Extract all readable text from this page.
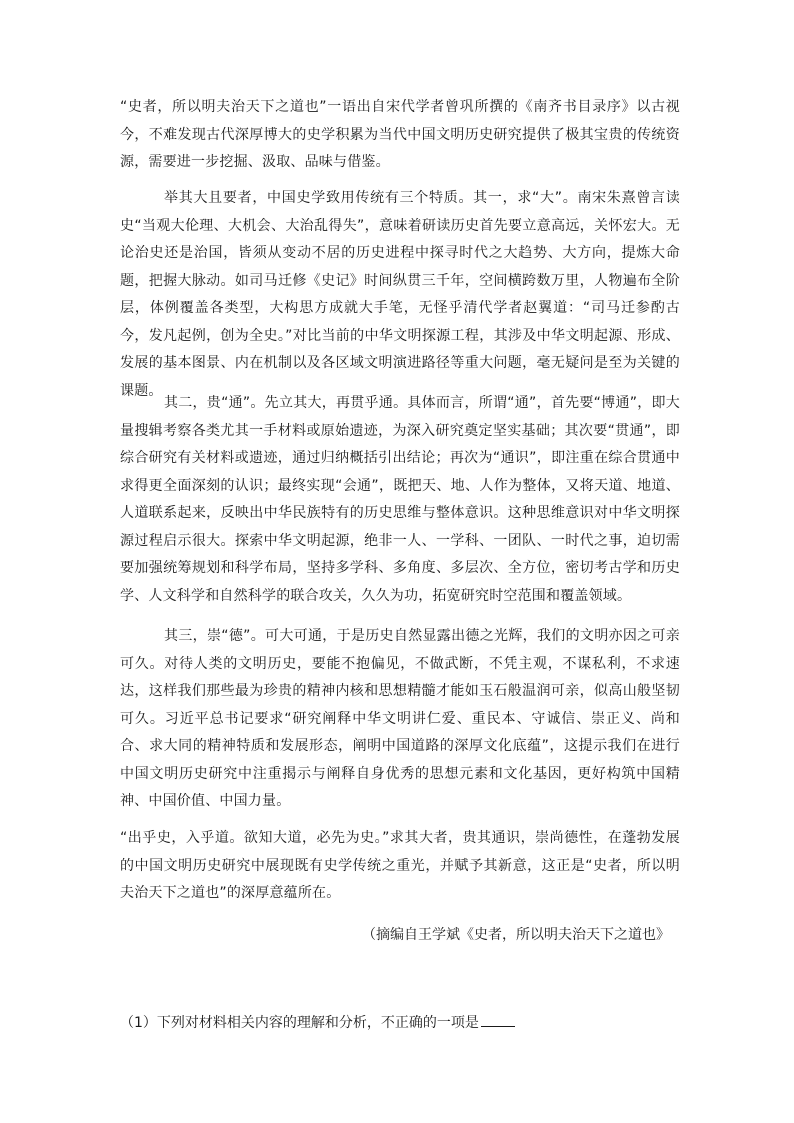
“史者，所以明夫治天下之道也”一语出自宋代学者曾巩所撰的《南齐书目录序》以古视今，不难发现古代深厚博大的史学积累为当代中国文明历史研究提供了极其宝贵的传统资源，需要进一步挖掘、汲取、品味与借鉴。

举其大且要者，中国史学致用传统有三个特质。其一，求“大”。南宋朱熹曾言读史“当观大伦理、大机会、大治乱得失”，意味着研读历史首先要立意高远，关怀宏大。无论治史还是治国，皆须从变动不居的历史进程中探寻时代之大趋势、大方向，提炼大命题，把握大脉动。如司马迁修《史记》时间纵贯三千年，空间横跨数万里，人物遍布全阶层，体例覆盖各类型，大构思方成就大手笔，无怪乎清代学者赵翼道：“司马迁参酌古今，发凡起例，创为全史。”对比当前的中华文明探源工程，其涉及中华文明起源、形成、发展的基本图景、内在机制以及各区域文明演进路径等重大问题，毫无疑问是至为关键的课题。

其二，贵“通”。先立其大，再贯乎通。具体而言，所谓“通”，首先要“博通”，即大量搜辑考察各类尤其一手材料或原始遗迹，为深入研究奠定坚实基础；其次要“贯通”，即综合研究有关材料或遗迹，通过归纳概括引出结论；再次为“通识”，即注重在综合贯通中求得更全面深刻的认识；最终实现“会通”，既把天、地、人作为整体，又将天道、地道、人道联系起来，反映出中华民族特有的历史思维与整体意识。这种思维意识对中华文明探源过程启示很大。探索中华文明起源，绝非一人、一学科、一团队、一时代之事，迫切需要加强统筹规划和科学布局，坚持多学科、多角度、多层次、全方位，密切考古学和历史学、人文科学和自然科学的联合攻关，久久为功，拓宽研究时空范围和覆盖领域。

其三，崇“德”。可大可通，于是历史自然显露出德之光辉，我们的文明亦因之可亲可久。对待人类的文明历史，要能不抱偏见，不做武断，不凭主观，不谋私利，不求速达，这样我们那些最为珍贵的精神内核和思想精髓才能如玉石般温润可亲，似高山般坚韧可久。习近平总书记要求“研究阐释中华文明讲仁爱、重民本、守诚信、崇正义、尚和合、求大同的精神特质和发展形态，阐明中国道路的深厚文化底蕴”，这提示我们在进行中国文明历史研究中注重揭示与阐释自身优秀的思想元素和文化基因，更好构筑中国精神、中国价值、中国力量。

“出乎史，入乎道。欲知大道，必先为史。”求其大者，贵其通识，崇尚德性，在蓬勃发展的中国文明历史研究中展现既有史学传统之重光，并赋予其新意，这正是“史者，所以明夫治天下之道也”的深厚意蕴所在。

（摘编自王学斌《史者，所以明夫治天下之道也》

（1）下列对材料相关内容的理解和分析，不正确的一项是
